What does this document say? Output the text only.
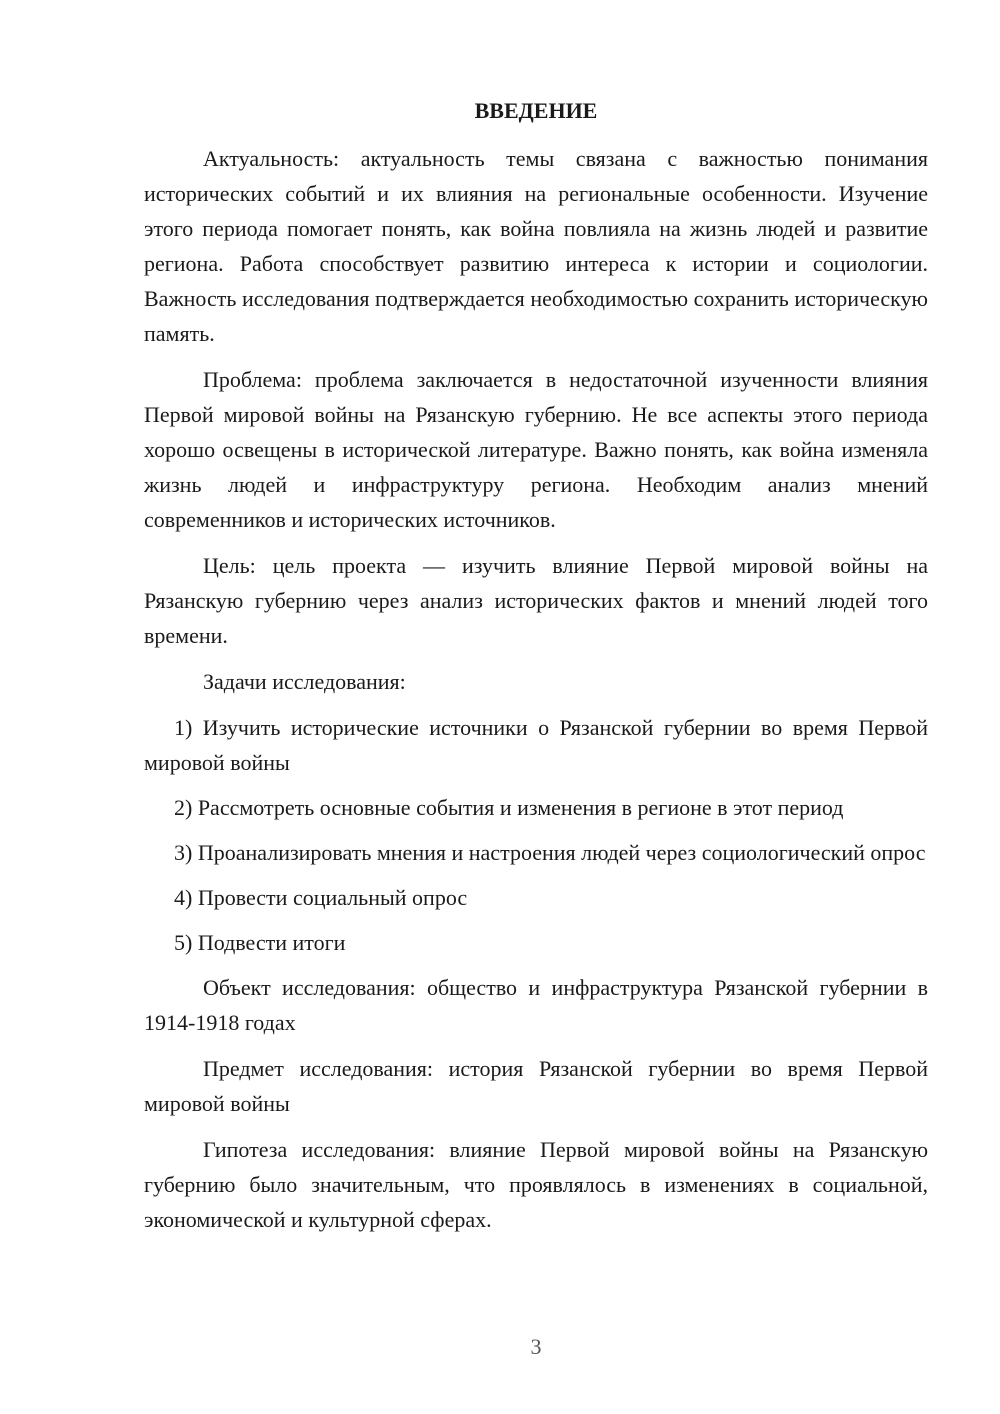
ВВЕДЕНИЕ

Актуальность: актуальность темы связана с важностью понимания исторических событий и их влияния на региональные особенности. Изучение этого периода помогает понять, как война повлияла на жизнь людей и развитие региона. Работа способствует развитию интереса к истории и социологии. Важность исследования подтверждается необходимостью сохранить историческую память.

Проблема: проблема заключается в недостаточной изученности влияния Первой мировой войны на Рязанскую губернию. Не все аспекты этого периода хорошо освещены в исторической литературе. Важно понять, как война изменяла жизнь людей и инфраструктуру региона. Необходим анализ мнений современников и исторических источников.

Цель: цель проекта — изучить влияние Первой мировой войны на Рязанскую губернию через анализ исторических фактов и мнений людей того времени.

Задачи исследования:

1) Изучить исторические источники о Рязанской губернии во время Первой мировой войны

2) Рассмотреть основные события и изменения в регионе в этот период

3) Проанализировать мнения и настроения людей через социологический опрос

4) Провести социальный опрос

5) Подвести итоги

Объект исследования: общество и инфраструктура Рязанской губернии в 1914-1918 годах

Предмет исследования: история Рязанской губернии во время Первой мировой войны

Гипотеза исследования: влияние Первой мировой войны на Рязанскую губернию было значительным, что проявлялось в изменениях в социальной, экономической и культурной сферах.

3
